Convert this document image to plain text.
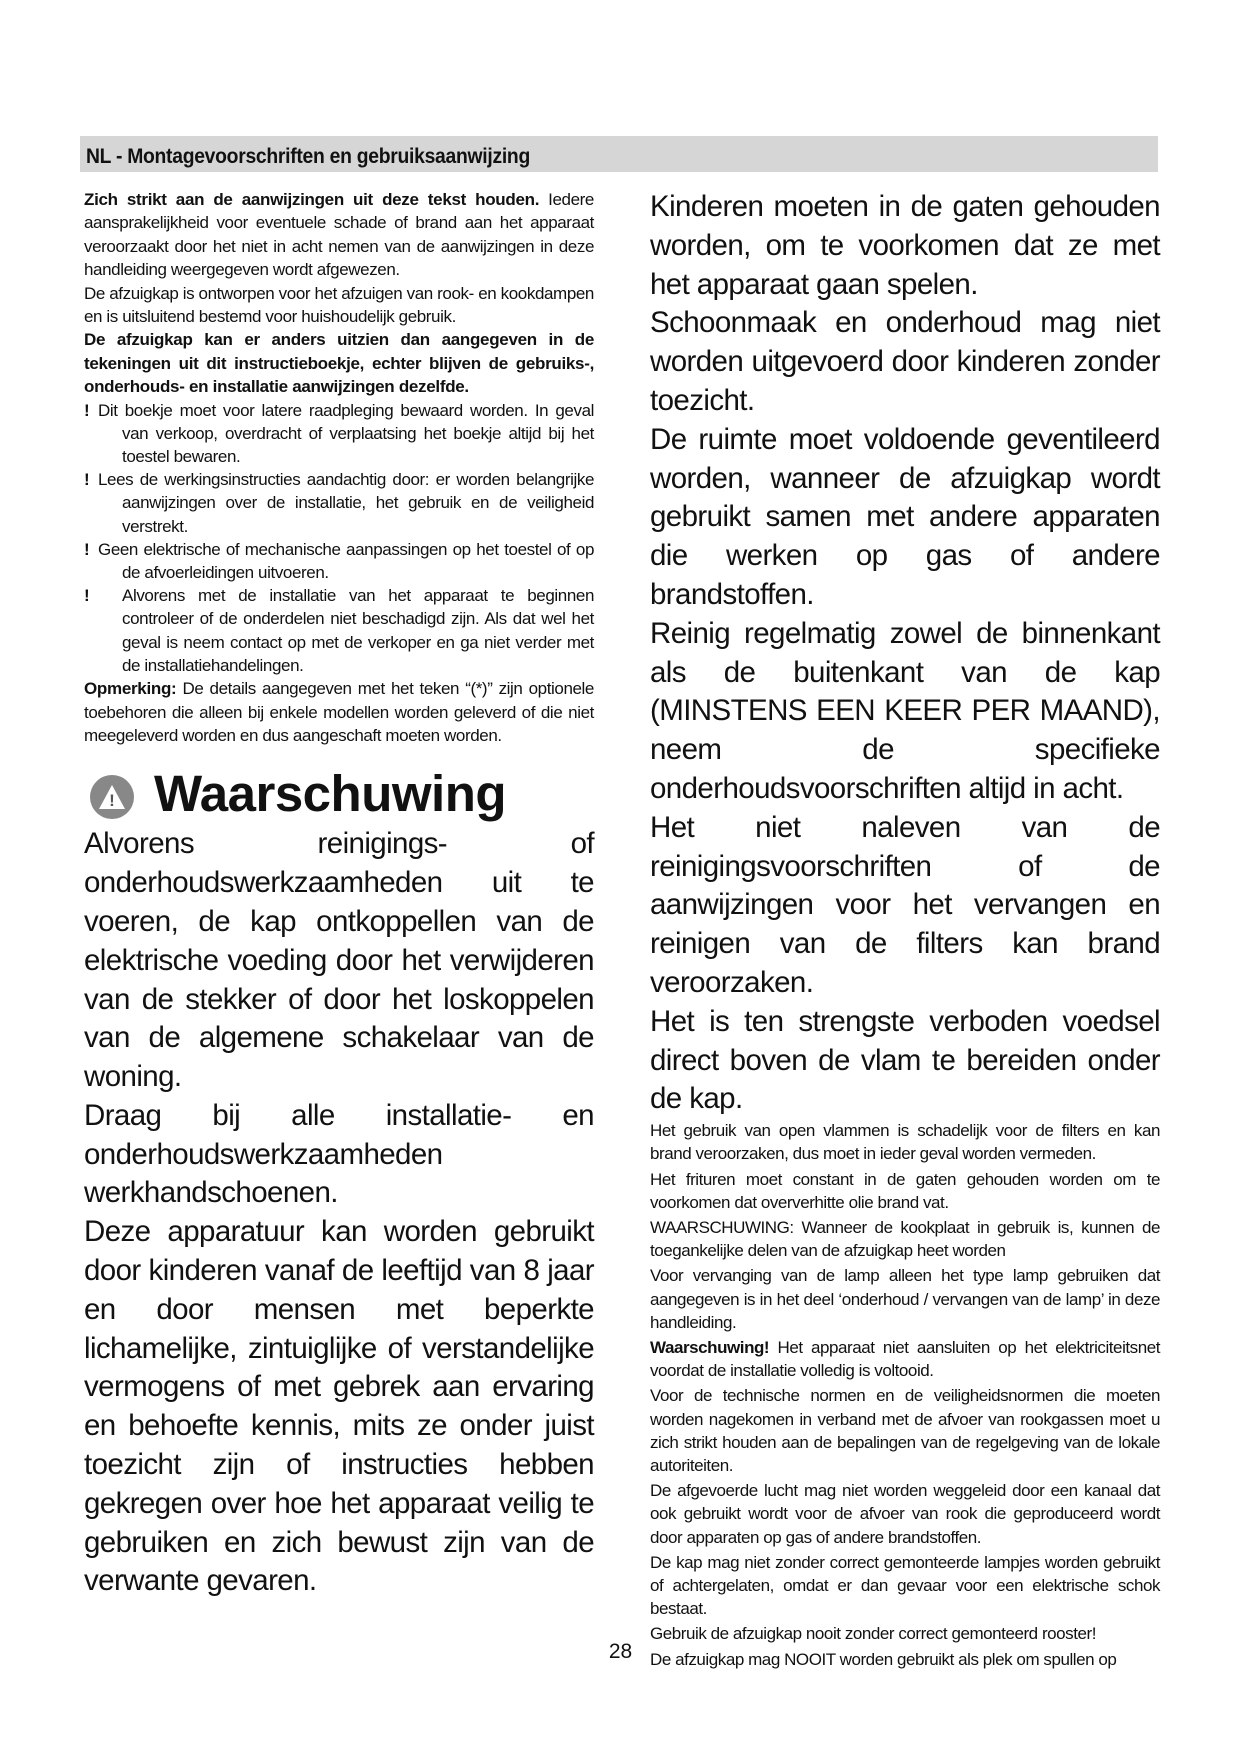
NL - Montagevoorschriften en gebruiksaanwijzing

Zich strikt aan de aanwijzingen uit deze tekst houden. Iedere aansprakelijkheid voor eventuele schade of brand aan het apparaat veroorzaakt door het niet in acht nemen van de aanwijzingen in deze handleiding weergegeven wordt afgewezen.

De afzuigkap is ontworpen voor het afzuigen van rook- en kookdampen en is uitsluitend bestemd voor huishoudelijk gebruik.

De afzuigkap kan er anders uitzien dan aangegeven in de tekeningen uit dit instructieboekje, echter blijven de gebruiks-, onderhouds- en installatie aanwijzingen dezelfde.

! Dit boekje moet voor latere raadpleging bewaard worden. In geval van verkoop, overdracht of verplaatsing het boekje altijd bij het toestel bewaren.

! Lees de werkingsinstructies aandachtig door: er worden belangrijke aanwijzingen over de installatie, het gebruik en de veiligheid verstrekt.

! Geen elektrische of mechanische aanpassingen op het toestel of op de afvoerleidingen uitvoeren.

! Alvorens met de installatie van het apparaat te beginnen controleer of de onderdelen niet beschadigd zijn. Als dat wel het geval is neem contact op met de verkoper en ga niet verder met de installatiehandelingen.

Opmerking: De details aangegeven met het teken “(*)” zijn optionele toebehoren die alleen bij enkele modellen worden geleverd of die niet meegeleverd worden en dus aangeschaft moeten worden.

! Waarschuwing

Alvorens reinigings- of onderhoudswerkzaamheden uit te voeren, de kap ontkoppellen van de elektrische voeding door het verwijderen van de stekker of door het loskoppelen van de algemene schakelaar van de woning.

Draag bij alle installatie- en onderhoudswerkzaamheden werkhandschoenen.

Deze apparatuur kan worden gebruikt door kinderen vanaf de leeftijd van 8 jaar en door mensen met beperkte lichamelijke, zintuiglijke of verstandelijke vermogens of met gebrek aan ervaring en behoefte kennis, mits ze onder juist toezicht zijn of instructies hebben gekregen over hoe het apparaat veilig te gebruiken en zich bewust zijn van de verwante gevaren.

Kinderen moeten in de gaten gehouden worden, om te voorkomen dat ze met het apparaat gaan spelen.

Schoonmaak en onderhoud mag niet worden uitgevoerd door kinderen zonder toezicht.

De ruimte moet voldoende geventileerd worden, wanneer de afzuigkap wordt gebruikt samen met andere apparaten die werken op gas of andere brandstoffen.

Reinig regelmatig zowel de binnenkant als de buitenkant van de kap (MINSTENS EEN KEER PER MAAND), neem de specifieke onderhoudsvoorschriften altijd in acht.

Het niet naleven van de reinigingsvoorschriften of de aanwijzingen voor het vervangen en reinigen van de filters kan brand veroorzaken.

Het is ten strengste verboden voedsel direct boven de vlam te bereiden onder de kap.

Het gebruik van open vlammen is schadelijk voor de filters en kan brand veroorzaken, dus moet in ieder geval worden vermeden.

Het frituren moet constant in de gaten gehouden worden om te voorkomen dat oververhitte olie brand vat.

WAARSCHUWING: Wanneer de kookplaat in gebruik is, kunnen de toegankelijke delen van de afzuigkap heet worden

Voor vervanging van de lamp alleen het type lamp gebruiken dat aangegeven is in het deel ‘onderhoud / vervangen van de lamp’ in deze handleiding.

Waarschuwing! Het apparaat niet aansluiten op het elektriciteitsnet voordat de installatie volledig is voltooid.

Voor de technische normen en de veiligheidsnormen die moeten worden nagekomen in verband met de afvoer van rookgassen moet u zich strikt houden aan de bepalingen van de regelgeving van de lokale autoriteiten.

De afgevoerde lucht mag niet worden weggeleid door een kanaal dat ook gebruikt wordt voor de afvoer van rook die geproduceerd wordt door apparaten op gas of andere brandstoffen.

De kap mag niet zonder correct gemonteerde lampjes worden gebruikt of achtergelaten, omdat er dan gevaar voor een elektrische schok bestaat.

Gebruik de afzuigkap nooit zonder correct gemonteerd rooster!

De afzuigkap mag NOOIT worden gebruikt als plek om spullen op

28
